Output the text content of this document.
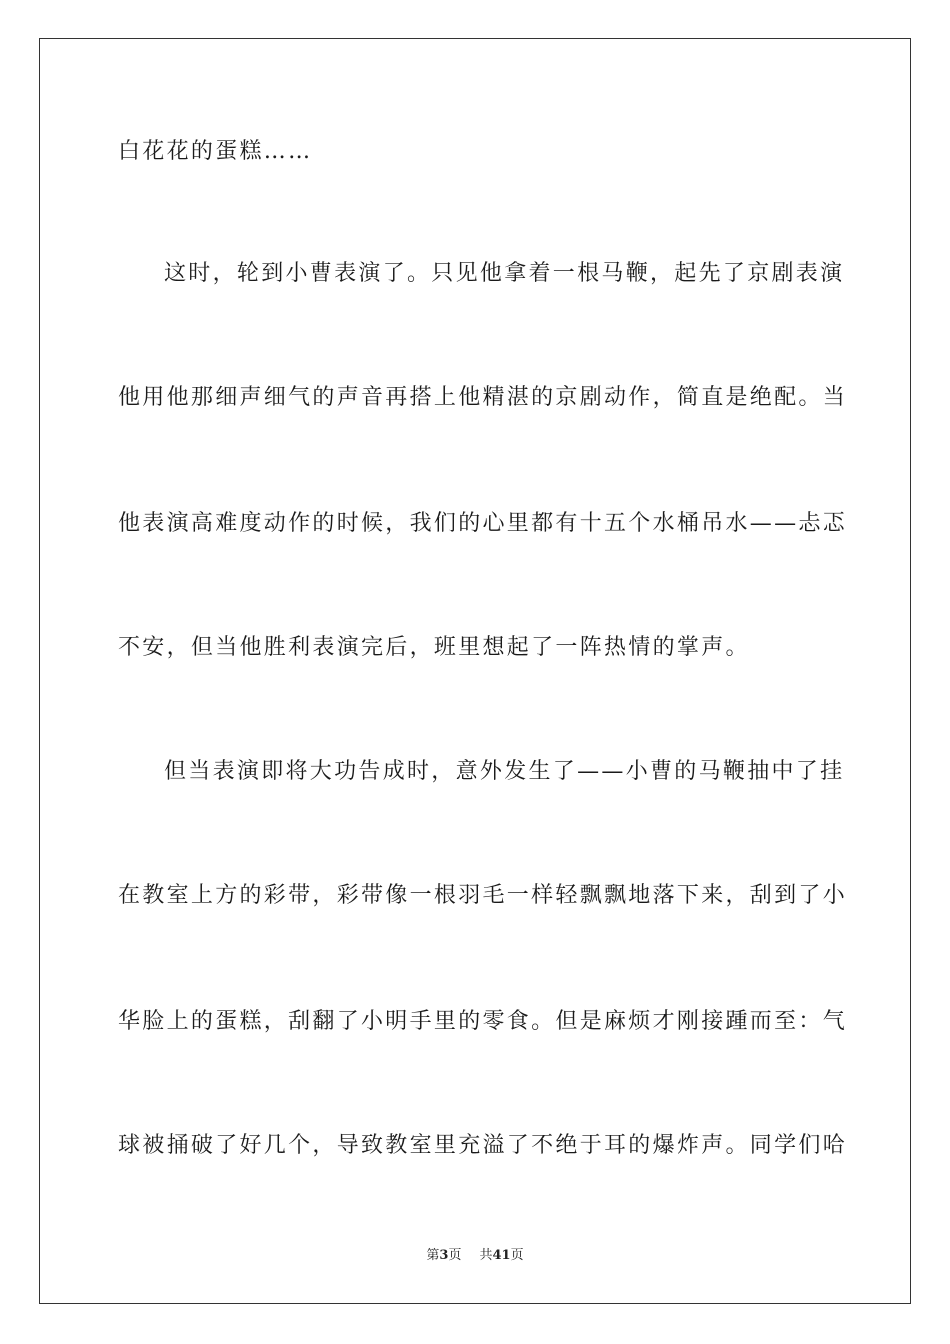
白花花的蛋糕……
这时，轮到小曹表演了。只见他拿着一根马鞭，起先了京剧表演
他用他那细声细气的声音再搭上他精湛的京剧动作，简直是绝配。当
他表演高难度动作的时候，我们的心里都有十五个水桶吊水——忐忑
不安，但当他胜利表演完后，班里想起了一阵热情的掌声。
但当表演即将大功告成时，意外发生了——小曹的马鞭抽中了挂
在教室上方的彩带，彩带像一根羽毛一样轻飘飘地落下来，刮到了小
华脸上的蛋糕，刮翻了小明手里的零食。但是麻烦才刚接踵而至：气
球被捅破了好几个，导致教室里充溢了不绝于耳的爆炸声。同学们哈
第3页 共41页
